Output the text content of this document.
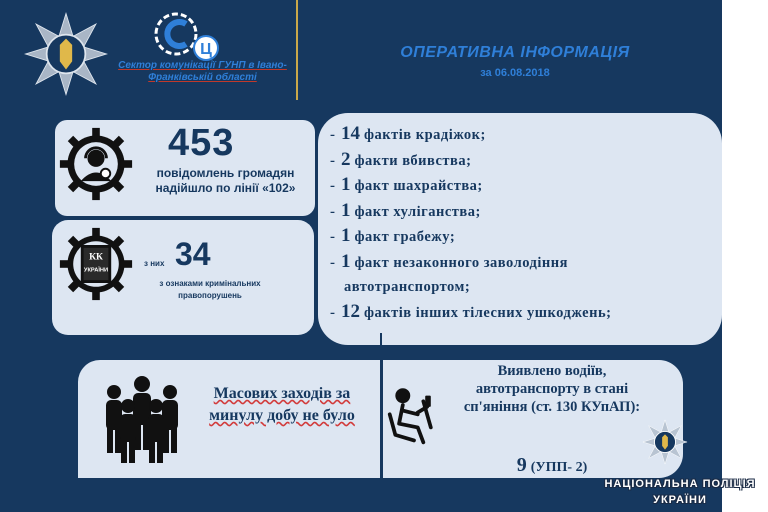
Ц
Сектор комунікації ГУНП в Івано-Франківській області
ОПЕРАТИВНА ІНФОРМАЦІЯ
за 06.08.2018
КК
УКРАЇНИ
453
повідомлень громадян надійшло по лінії «102»
з них 34
з ознаками кримінальних правопорушень
- 14 фактів крадіжок;
- 2 факти вбивства;
- 1 факт шахрайства;
- 1 факт хуліганства;
- 1 факт грабежу;
- 1 факт незаконного заволодіння
автотранспортом;
- 12 фактів інших тілесних ушкоджень;
Масових заходів за
минулу добу не було
Виявлено водіїв, автотранспорту в стані сп'яніння (ст. 130 КУпАП):
9 (УПП- 2)
НАЦІОНАЛЬНА ПОЛІЦІЯ
УКРАЇНИ
